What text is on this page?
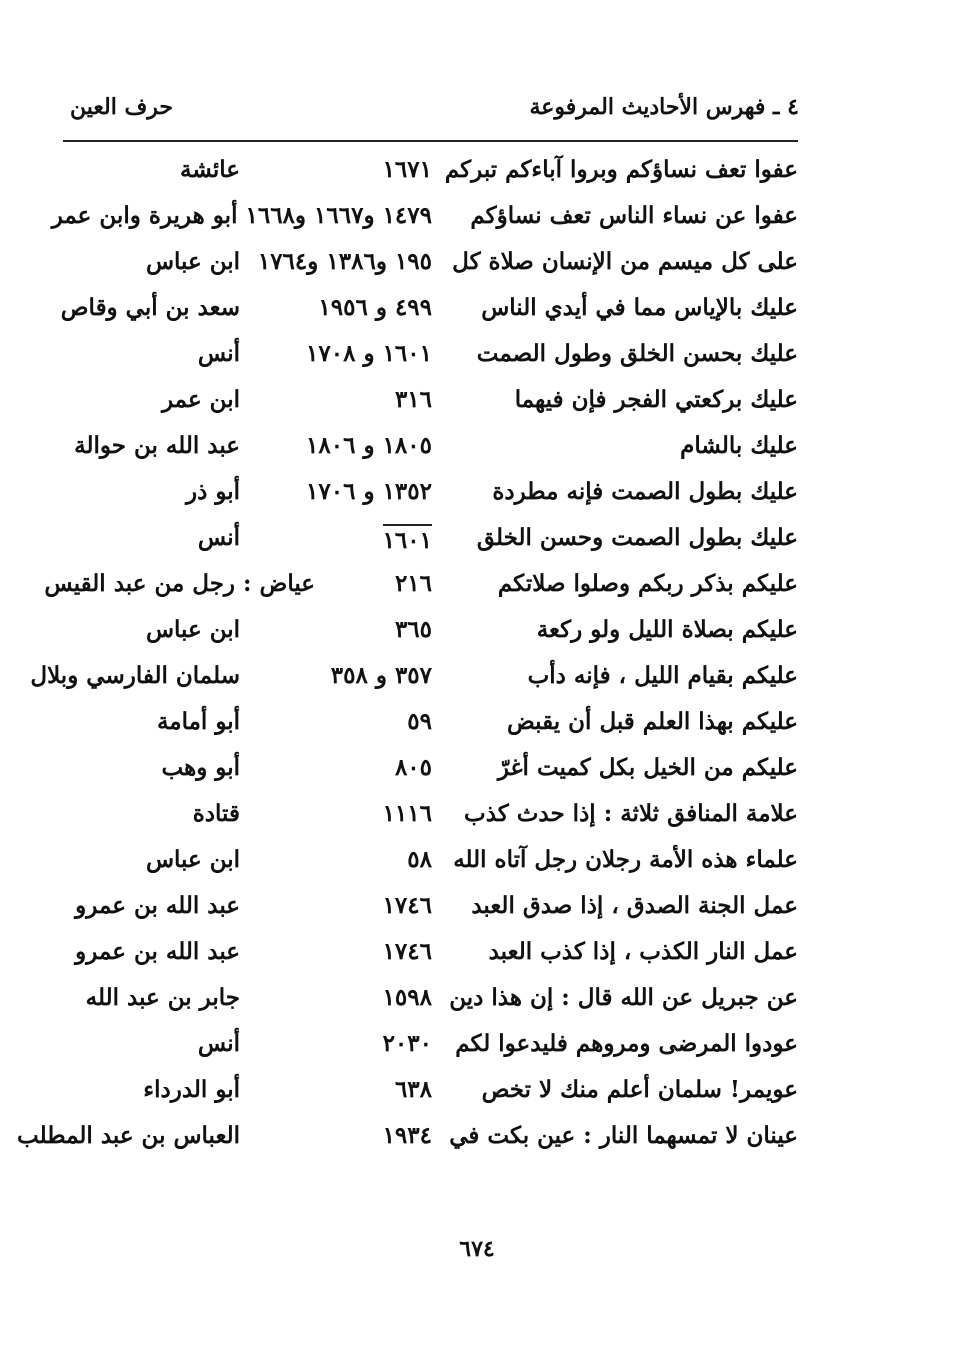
٤ ـ فهرس الأحاديث المرفوعة
حرف العين
عفوا تعف نساؤكم وبروا آباءكم تبركم
١٦٧١
عائشة
عفوا عن نساء الناس تعف نساؤكم
١٤٧٩ و١٦٦٧ و١٦٦٨ أبو هريرة وابن عمر
على كل ميسم من الإنسان صلاة كل
١٩٥ و١٣٨٦ و١٧٦٤
ابن عباس
عليك بالإياس مما في أيدي الناس
٤٩٩ و ١٩٥٦
سعد بن أبي وقاص
عليك بحسن الخلق وطول الصمت
١٦٠١ و ١٧٠٨
أنس
عليك بركعتي الفجر فإن فيهما
٣١٦
ابن عمر
عليك بالشام
١٨٠٥ و ١٨٠٦
عبد الله بن حوالة
عليك بطول الصمت فإنه مطردة
١٣٥٢ و ١٧٠٦
أبو ذر
عليك بطول الصمت وحسن الخلق
١٦٠١
أنس
عليكم بذكر ربكم وصلوا صلاتكم
٢١٦
عياض : رجل من عبد القيس
عليكم بصلاة الليل ولو ركعة
٣٦٥
ابن عباس
عليكم بقيام الليل ، فإنه دأب
٣٥٧ و ٣٥٨
سلمان الفارسي وبلال
عليكم بهذا العلم قبل أن يقبض
٥٩
أبو أمامة
عليكم من الخيل بكل كميت أغرّ
٨٠٥
أبو وهب
علامة المنافق ثلاثة : إذا حدث كذب
١١١٦
قتادة
علماء هذه الأمة رجلان رجل آتاه الله
٥٨
ابن عباس
عمل الجنة الصدق ، إذا صدق العبد
١٧٤٦
عبد الله بن عمرو
عمل النار الكذب ، إذا كذب العبد
١٧٤٦
عبد الله بن عمرو
عن جبريل عن الله قال : إن هذا دين
١٥٩٨
جابر بن عبد الله
عودوا المرضى ومروهم فليدعوا لكم
٢٠٣٠
أنس
عويمر! سلمان أعلم منك لا تخص
٦٣٨
أبو الدرداء
عينان لا تمسهما النار : عين بكت في
١٩٣٤
العباس بن عبد المطلب
٦٧٤
